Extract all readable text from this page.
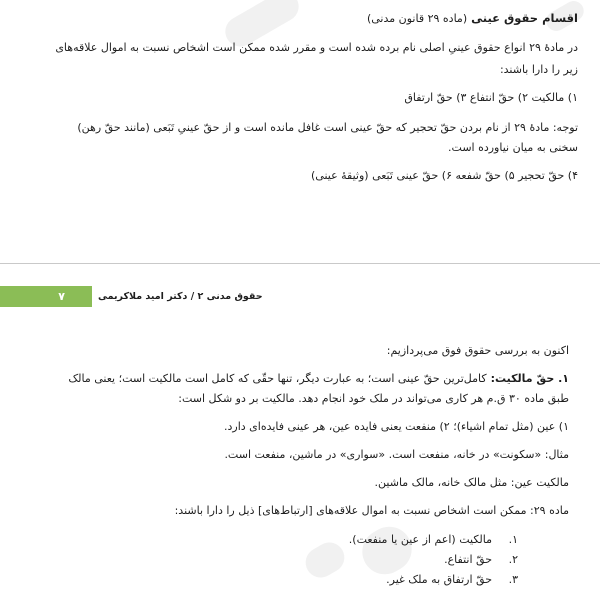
اقسام حقوق عینی(ماده ۲۹ قانون مدنی)
در مادۀ ۲۹ انواع حقوق عینیِ اصلی نام برده شده است و مقرر شده ممکن است اشخاص نسبت به اموال علاقه‌های
زیر را دارا باشند:
۱) مالکیت ۲) حقّ انتفاع ۳) حقّ ارتفاق
توجه: مادۀ ۲۹ از نام بردن حقّ تحجیر که حقّ عینی است غافل مانده است و از حقّ عینیِ تَبَعی (مانند حقّ رهن)
سخنی به میان نیاورده است.
۴) حقّ تحجیر ۵) حقّ شفعه ۶) حقّ عینی تَبَعی (وثیقۀ عینی)
۷	حقوق مدنی ۲ / دکتر امید ملاکریمی
اکنون به بررسی حقوق فوق می‌پردازیم:
۱. حقّ مالکیت:کامل‌ترین حقّ عینی است؛ به عبارت دیگر، تنها حقّی که کامل است مالکیت است؛ یعنی مالک
طبق ماده ۳۰ ق.م هر کاری می‌تواند در ملک خود انجام دهد. مالکیت بر دو شکل است:
۱) عین (مثل تمام اشیاء)؛ ۲) منفعت یعنی فایده عین، هر عینی فایده‌ای دارد.
مثال: «سکونت» در خانه، منفعت است. «سواری» در ماشین، منفعت است.
مالکیت عین: مثل مالک خانه، مالک ماشین.
ماده ۲۹: ممکن است اشخاص نسبت به اموال علاقه‌های [ارتباط‌های] ذیل را دارا باشند:
۱.
مالکیت (اعم از عین یا منفعت).
۲.
حقّ انتفاع.
۳.
حقّ ارتفاق به ملک غیر.
